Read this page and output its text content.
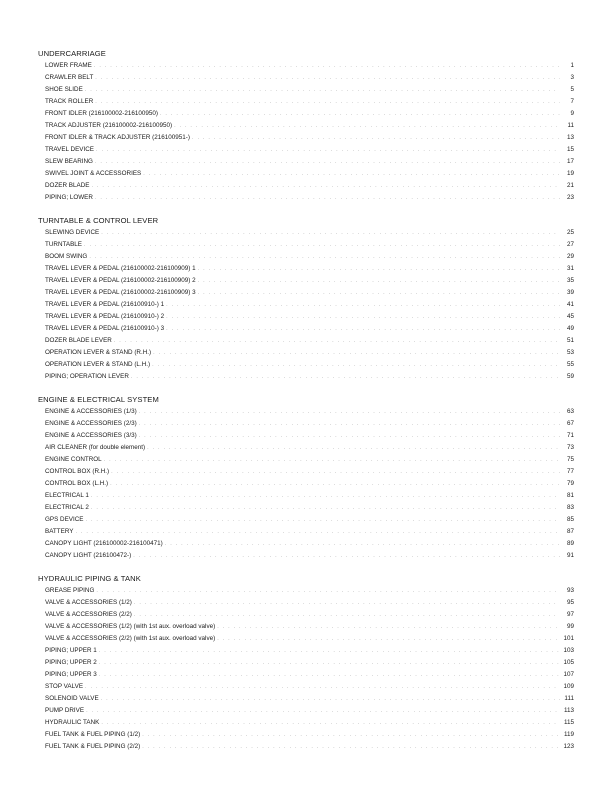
UNDERCARRIAGE
LOWER FRAME . . .	1
CRAWLER BELT . . .	3
SHOE SLIDE . . .	5
TRACK ROLLER . . .	7
FRONT IDLER (216100002-216100950) . . .	9
TRACK ADJUSTER (216100002-216100950) . . .	11
FRONT IDLER & TRACK ADJUSTER (216100951-) . . .	13
TRAVEL DEVICE . . .	15
SLEW BEARING . . .	17
SWIVEL JOINT & ACCESSORIES . . .	19
DOZER BLADE . . .	21
PIPING; LOWER . . .	23
TURNTABLE & CONTROL LEVER
SLEWING DEVICE . . .	25
TURNTABLE . . .	27
BOOM SWING . . .	29
TRAVEL LEVER & PEDAL (216100002-216100909) 1 . . .	31
TRAVEL LEVER & PEDAL (216100002-216100909) 2 . . .	35
TRAVEL LEVER & PEDAL (216100002-216100909) 3 . . .	39
TRAVEL LEVER & PEDAL (216100910-) 1 . . .	41
TRAVEL LEVER & PEDAL (216100910-) 2 . . .	45
TRAVEL LEVER & PEDAL (216100910-) 3 . . .	49
DOZER BLADE LEVER . . .	51
OPERATION LEVER & STAND (R.H.) . . .	53
OPERATION LEVER & STAND (L.H.) . . .	55
PIPING; OPERATION LEVER . . .	59
ENGINE & ELECTRICAL SYSTEM
ENGINE & ACCESSORIES (1/3) . . .	63
ENGINE & ACCESSORIES (2/3) . . .	67
ENGINE & ACCESSORIES (3/3) . . .	71
AIR CLEANER (for double element) . . .	73
ENGINE CONTROL . . .	75
CONTROL BOX (R.H.) . . .	77
CONTROL BOX (L.H.) . . .	79
ELECTRICAL 1 . . .	81
ELECTRICAL 2 . . .	83
GPS DEVICE . . .	85
BATTERY . . .	87
CANOPY LIGHT (216100002-216100471) . . .	89
CANOPY LIGHT (216100472-) . . .	91
HYDRAULIC PIPING & TANK
GREASE PIPING . . .	93
VALVE & ACCESSORIES (1/2) . . .	95
VALVE & ACCESSORIES (2/2) . . .	97
VALVE & ACCESSORIES (1/2) (with 1st aux. overload valve) . . .	99
VALVE & ACCESSORIES (2/2) (with 1st aux. overload valve) . . .	101
PIPING; UPPER 1 . . .	103
PIPING; UPPER 2 . . .	105
PIPING; UPPER 3 . . .	107
STOP VALVE . . .	109
SOLENOID VALVE . . .	111
PUMP DRIVE . . .	113
HYDRAULIC TANK . . .	115
FUEL TANK & FUEL PIPING (1/2) . . .	119
FUEL TANK & FUEL PIPING (2/2) . . .	123
